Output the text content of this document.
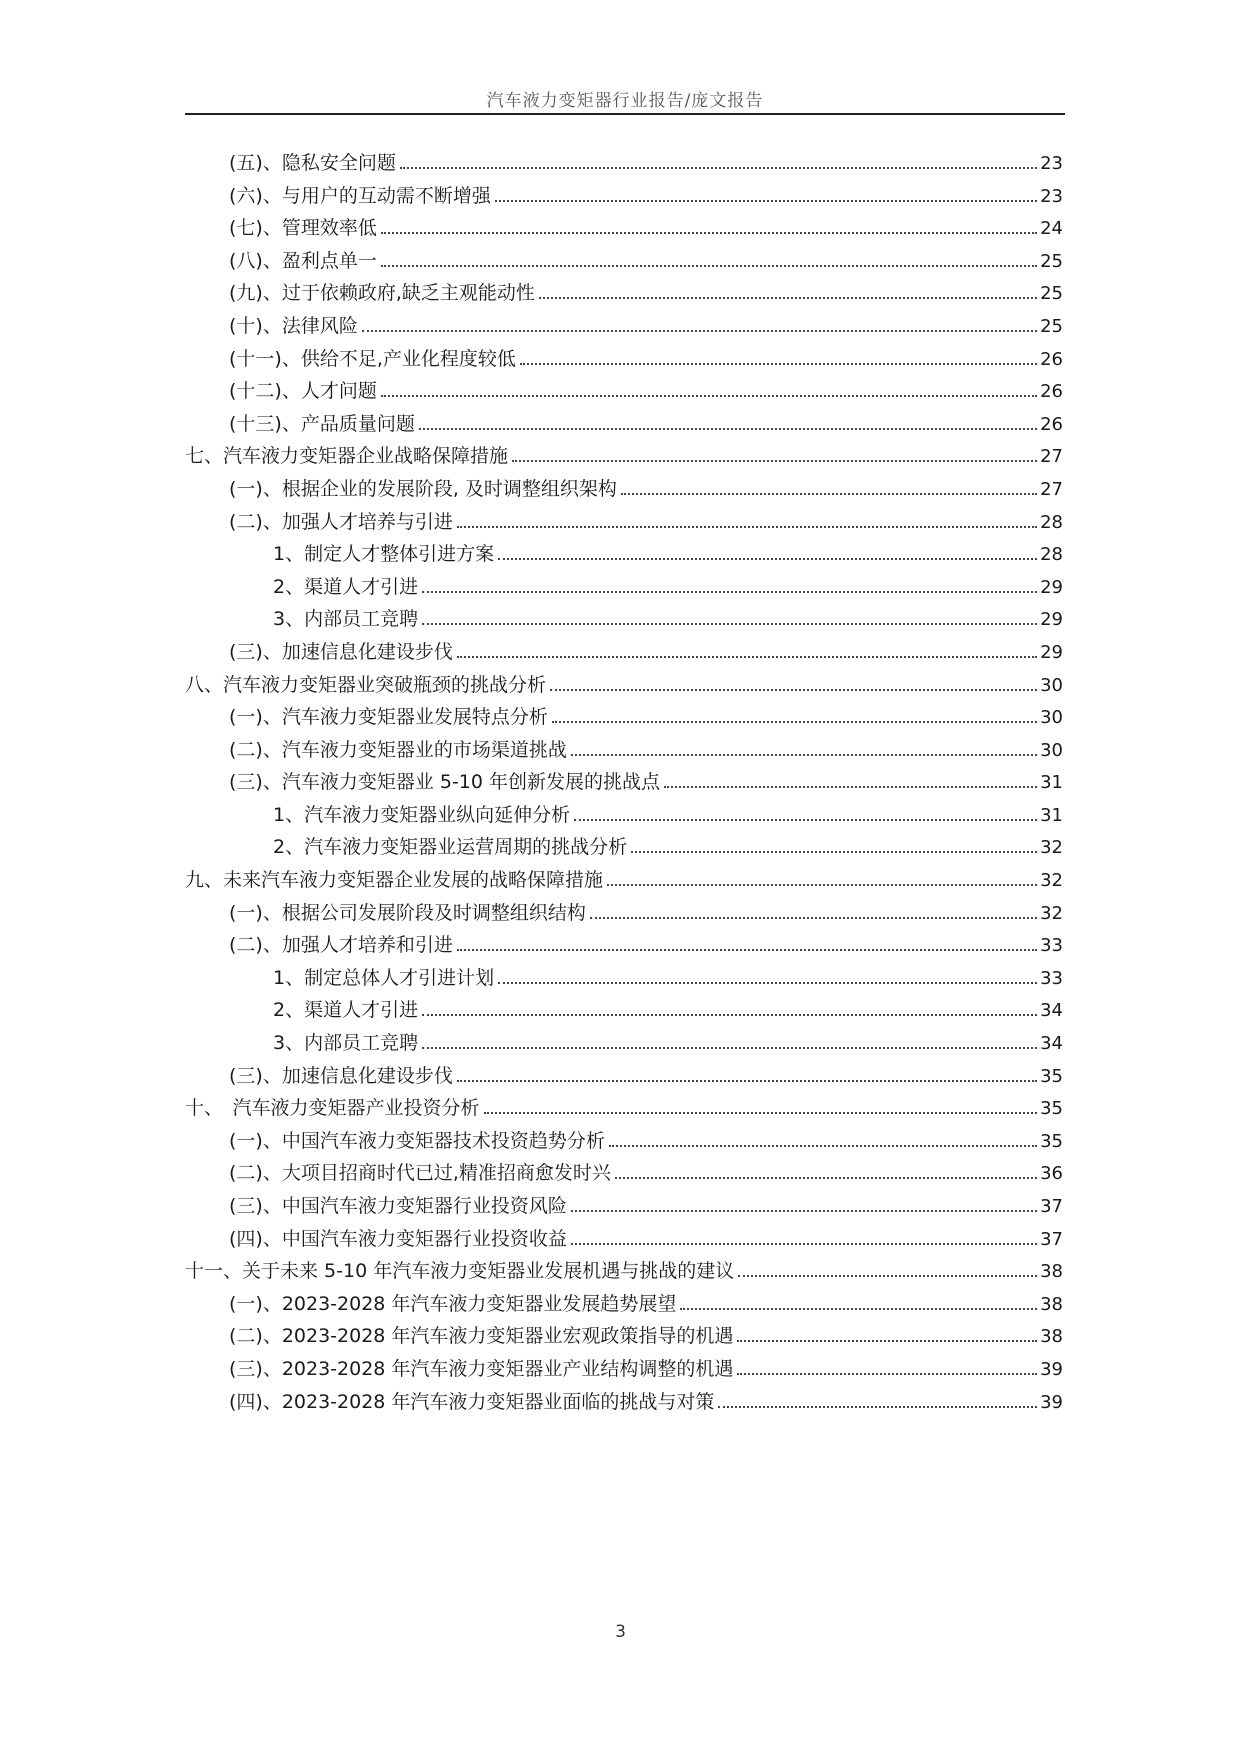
汽车液力变矩器行业报告/庞文报告
(五)、隐私安全问题	23
(六)、与用户的互动需不断增强	23
(七)、管理效率低	24
(八)、盈利点单一	25
(九)、过于依赖政府,缺乏主观能动性	25
(十)、法律风险	25
(十一)、供给不足,产业化程度较低	26
(十二)、人才问题	26
(十三)、产品质量问题	26
七、汽车液力变矩器企业战略保障措施	27
(一)、根据企业的发展阶段, 及时调整组织架构	27
(二)、加强人才培养与引进	28
1、制定人才整体引进方案	28
2、渠道人才引进	29
3、内部员工竞聘	29
(三)、加速信息化建设步伐	29
八、汽车液力变矩器业突破瓶颈的挑战分析	30
(一)、汽车液力变矩器业发展特点分析	30
(二)、汽车液力变矩器业的市场渠道挑战	30
(三)、汽车液力变矩器业 5-10 年创新发展的挑战点	31
1、汽车液力变矩器业纵向延伸分析	31
2、汽车液力变矩器业运营周期的挑战分析	32
九、未来汽车液力变矩器企业发展的战略保障措施	32
(一)、根据公司发展阶段及时调整组织结构	32
(二)、加强人才培养和引进	33
1、制定总体人才引进计划	33
2、渠道人才引进	34
3、内部员工竞聘	34
(三)、加速信息化建设步伐	35
十、　汽车液力变矩器产业投资分析	35
(一)、中国汽车液力变矩器技术投资趋势分析	35
(二)、大项目招商时代已过,精准招商愈发时兴	36
(三)、中国汽车液力变矩器行业投资风险	37
(四)、中国汽车液力变矩器行业投资收益	37
十一、关于未来 5-10 年汽车液力变矩器业发展机遇与挑战的建议	38
(一)、2023-2028 年汽车液力变矩器业发展趋势展望	38
(二)、2023-2028 年汽车液力变矩器业宏观政策指导的机遇	38
(三)、2023-2028 年汽车液力变矩器业产业结构调整的机遇	39
(四)、2023-2028 年汽车液力变矩器业面临的挑战与对策	39
3
